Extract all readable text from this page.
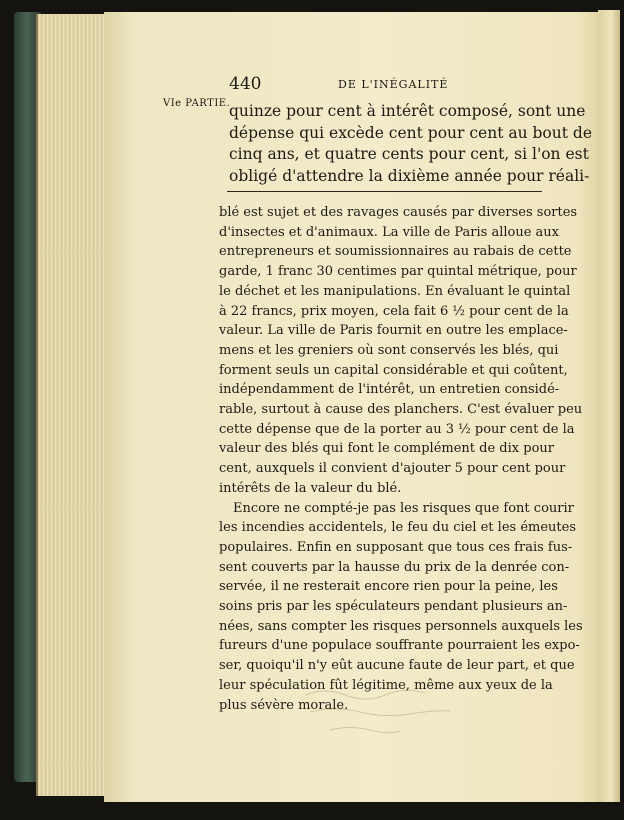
440	DE L'INÉGALITÉ
VIe PARTIE.
quinze pour cent à intérêt composé, sont une
dépense qui excède cent pour cent au bout de
cinq ans, et quatre cents pour cent, si l'on est
obligé d'attendre la dixième année pour réali-
blé est sujet et des ravages causés par diverses sortes
d'insectes et d'animaux. La ville de Paris alloue aux
entrepreneurs et soumissionnaires au rabais de cette
garde, 1 franc 30 centimes par quintal métrique, pour
le déchet et les manipulations. En évaluant le quintal
à 22 francs, prix moyen, cela fait 6 ½ pour cent de la
valeur. La ville de Paris fournit en outre les emplace-
mens et les greniers où sont conservés les blés, qui
forment seuls un capital considérable et qui coûtent,
indépendamment de l'intérêt, un entretien considé-
rable, surtout à cause des planchers. C'est évaluer peu
cette dépense que de la porter au 3 ½ pour cent de la
valeur des blés qui font le complément de dix pour
cent, auxquels il convient d'ajouter 5 pour cent pour
intérêts de la valeur du blé.
Encore ne compté-je pas les risques que font courir
les incendies accidentels, le feu du ciel et les émeutes
populaires. Enfin en supposant que tous ces frais fus-
sent couverts par la hausse du prix de la denrée con-
servée, il ne resterait encore rien pour la peine, les
soins pris par les spéculateurs pendant plusieurs an-
nées, sans compter les risques personnels auxquels les
fureurs d'une populace souffrante pourraient les expo-
ser, quoiqu'il n'y eût aucune faute de leur part, et que
leur spéculation fût légitime, même aux yeux de la
plus sévère morale.
